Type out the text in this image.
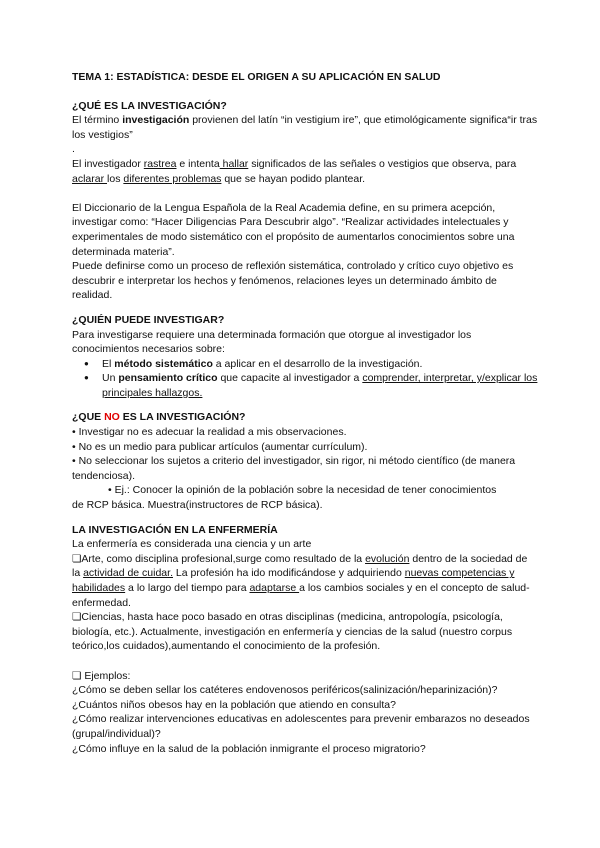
TEMA 1: ESTADÍSTICA: DESDE EL ORIGEN A SU APLICACIÓN EN SALUD

¿QUÉ ES LA INVESTIGACIÓN?

El término investigación provienen del latín “in vestigium ire”, que etimológicamente significa“ir tras los vestigios”

.

El investigador rastrea e intenta hallar significados de las señales o vestigios que observa, para aclarar los diferentes problemas que se hayan podido plantear.

El Diccionario de la Lengua Española de la Real Academia define, en su primera acepción, investigar como: “Hacer Diligencias Para Descubrir algo”. “Realizar actividades intelectuales y experimentales de modo sistemático con el propósito de aumentarlos conocimientos sobre una determinada materia”.

Puede definirse como un proceso de reflexión sistemática, controlado y crítico cuyo objetivo es descubrir e interpretar los hechos y fenómenos, relaciones leyes un determinado ámbito de realidad.

¿QUIÉN PUEDE INVESTIGAR?

Para investigarse requiere una determinada formación que otorgue al investigador los conocimientos necesarios sobre:

● El método sistemático a aplicar en el desarrollo de la investigación.
● Un pensamiento crítico que capacite al investigador a comprender, interpretar, y/explicar los principales hallazgos.

¿QUE NO ES LA INVESTIGACIÓN?

• Investigar no es adecuar la realidad a mis observaciones.

• No es un medio para publicar artículos (aumentar currículum).

• No seleccionar los sujetos a criterio del investigador, sin rigor, ni método científico (de manera tendenciosa).

• Ej.: Conocer la opinión de la población sobre la necesidad de tener conocimientos

de RCP básica. Muestra(instructores de RCP básica).

LA INVESTIGACIÓN EN LA ENFERMERÍA

La enfermería es considerada una ciencia y un arte

❏Arte, como disciplina profesional,surge como resultado de la evolución dentro de la sociedad de la actividad de cuidar. La profesión ha ido modificándose y adquiriendo nuevas competencias y habilidades a lo largo del tiempo para adaptarse a los cambios sociales y en el concepto de salud-enfermedad.

❏Ciencias, hasta hace poco basado en otras disciplinas (medicina, antropología, psicología, biología, etc.). Actualmente, investigación en enfermería y ciencias de la salud (nuestro corpus teórico,los cuidados),aumentando el conocimiento de la profesión.

❏ Ejemplos:

¿Cómo se deben sellar los catéteres endovenosos periféricos(salinización/heparinización)?

¿Cuántos niños obesos hay en la población que atiendo en consulta?

¿Cómo realizar intervenciones educativas en adolescentes para prevenir embarazos no deseados (grupal/individual)?

¿Cómo influye en la salud de la población inmigrante el proceso migratorio?
